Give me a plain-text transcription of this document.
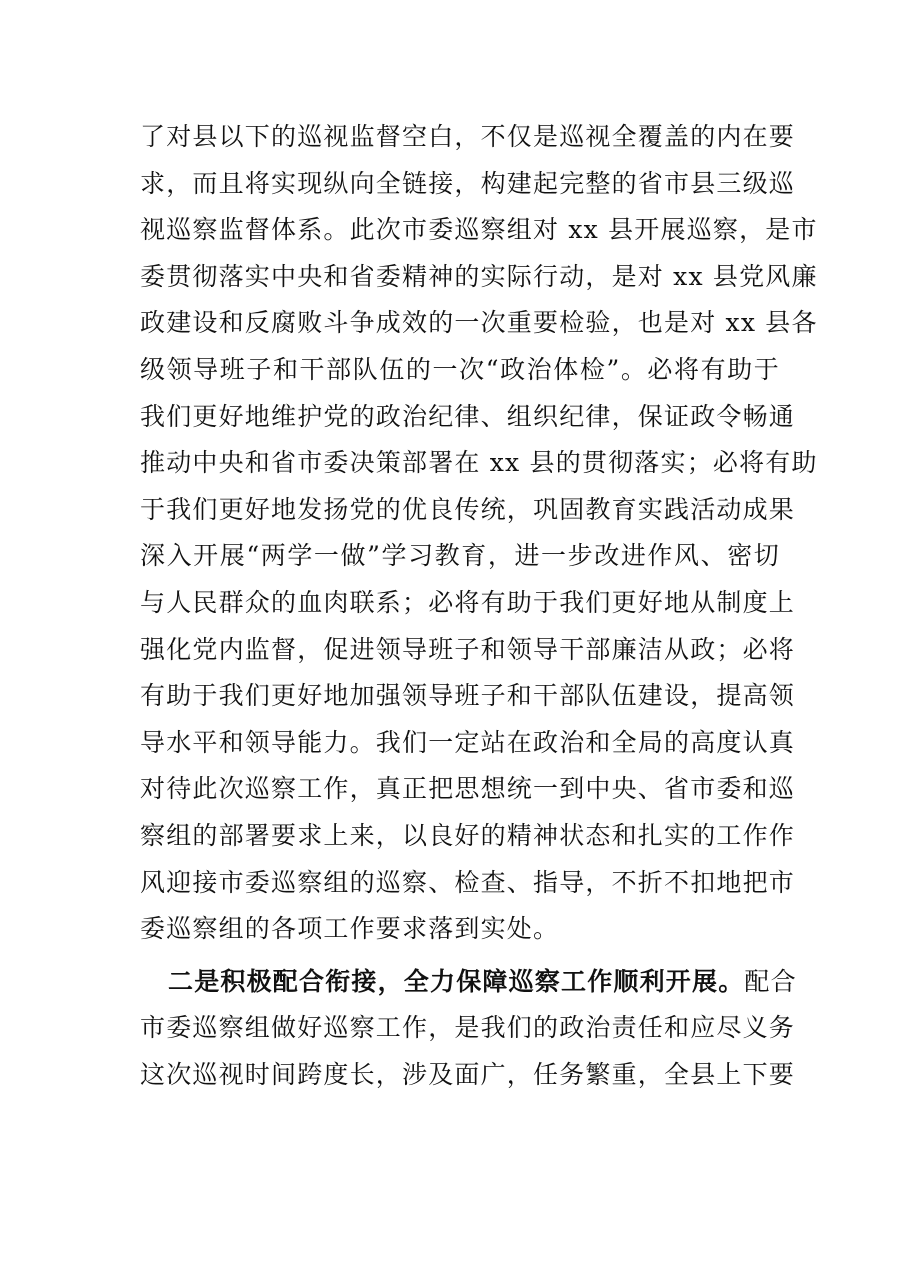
了对县以下的巡视监督空白，不仅是巡视全覆盖的内在要
求，而且将实现纵向全链接，构建起完整的省市县三级巡
视巡察监督体系。此次市委巡察组对 xx 县开展巡察，是市
委贯彻落实中央和省委精神的实际行动，是对 xx 县党风廉
政建设和反腐败斗争成效的一次重要检验，也是对 xx 县各
级领导班子和干部队伍的一次“政治体检”。必将有助于
我们更好地维护党的政治纪律、组织纪律，保证政令畅通
推动中央和省市委决策部署在 xx 县的贯彻落实；必将有助
于我们更好地发扬党的优良传统，巩固教育实践活动成果
深入开展“两学一做”学习教育，进一步改进作风、密切
与人民群众的血肉联系；必将有助于我们更好地从制度上
强化党内监督，促进领导班子和领导干部廉洁从政；必将
有助于我们更好地加强领导班子和干部队伍建设，提高领
导水平和领导能力。我们一定站在政治和全局的高度认真
对待此次巡察工作，真正把思想统一到中央、省市委和巡
察组的部署要求上来，以良好的精神状态和扎实的工作作
风迎接市委巡察组的巡察、检查、指导，不折不扣地把市
委巡察组的各项工作要求落到实处。
二是积极配合衔接，全力保障巡察工作顺利开展。配合
市委巡察组做好巡察工作，是我们的政治责任和应尽义务
这次巡视时间跨度长，涉及面广，任务繁重，全县上下要
